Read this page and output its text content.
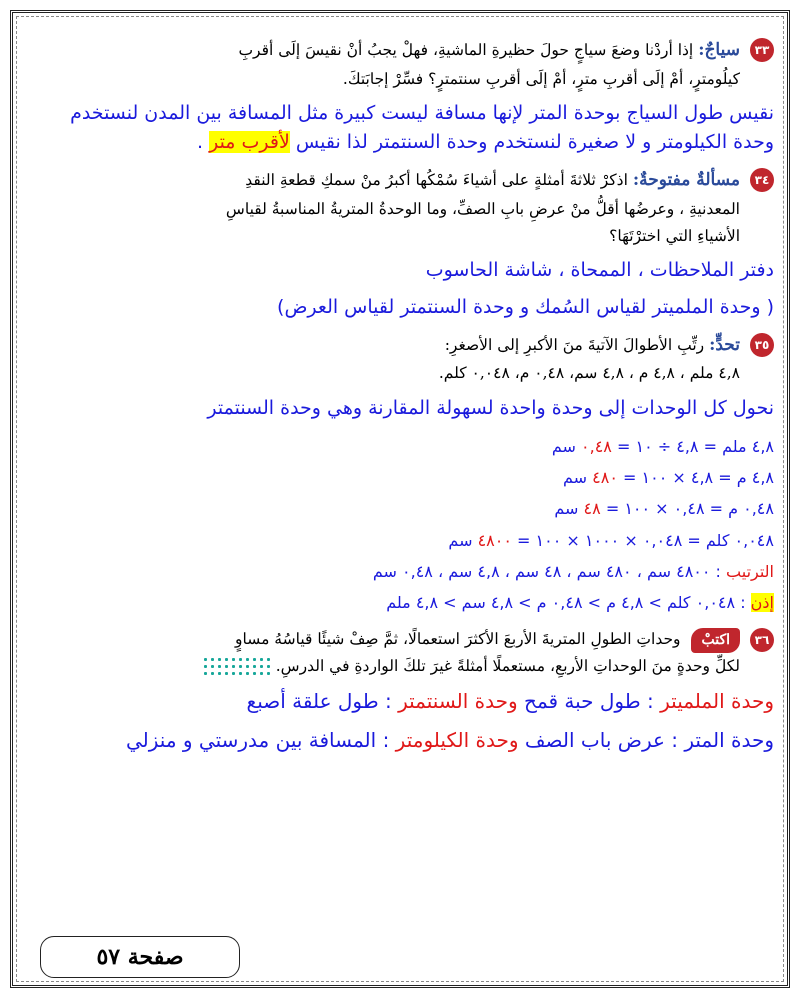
٣٣
سياجٌ: إذا أردْنا وضعَ سياجٍ حولَ حظيرةِ الماشيةِ، فهلْ يجبُ أنْ نقيسَ إلَى أقربِ
كيلُومترٍ، أمْ إلَى أقربِ مترٍ، أمْ إلَى أقربِ سنتمترٍ؟ فسِّرْ إجابَتكَ.
نقيس طول السياج بوحدة المتر لإنها مسافة ليست كبيرة مثل المسافة بين المدن لنستخدم وحدة الكيلومتر و لا صغيرة لنستخدم وحدة السنتمتر لذا نقيس لأقرب متر .
٣٤
مسألةٌ مفتوحةٌ: اذكرْ ثلاثةَ أمثلةٍ على أشياءَ سُمْكُها أكبرُ منْ سمكِ قطعةِ النقدِ
المعدنيةِ ، وعرضُها أقلُّ منْ عرضِ بابِ الصفِّ، وما الوحدةُ المتريةُ المناسبةُ لقياسِ
الأشياءِ التي اخترْتَهَا؟
دفتر الملاحظات ، الممحاة ، شاشة الحاسوب
( وحدة الملميتر لقياس السُمك و وحدة السنتمتر لقياس العرض)
٣٥
تحدٍّ: رتِّبِ الأطوالَ الآتيةَ منَ الأكبرِ إلى الأصغرِ:
٤,٨ ملم ، ٤,٨ م ، ٤,٨ سم، ٠,٤٨ م، ٠,٠٤٨ كلم.
نحول كل الوحدات إلى وحدة واحدة لسهولة المقارنة وهي وحدة السنتمتر
٤,٨ ملم = ٤,٨ ÷ ١٠ = ٠,٤٨ سم
٤,٨ م = ٤,٨ × ١٠٠ = ٤٨٠ سم
٠,٤٨ م = ٠,٤٨ × ١٠٠ = ٤٨ سم
٠,٠٤٨ كلم = ٠,٠٤٨ × ١٠٠٠ × ١٠٠ = ٤٨٠٠ سم
الترتيب : ٤٨٠٠ سم ، ٤٨٠ سم ، ٤٨ سم ، ٤,٨ سم ، ٠,٤٨ سم
إذن : ٠,٠٤٨ كلم > ٤,٨ م > ٠,٤٨ م > ٤,٨ سم > ٤,٨ ملم
٣٦
اكتبْ وحداتِ الطولِ المتريةَ الأربعَ الأكثرَ استعمالًا، ثمَّ صِفْ شيئًا قياسُهُ مساوٍ
لكلِّ وحدةٍ منَ الوحداتِ الأربعِ، مستعملًا أمثلةً غيرَ تلكَ الواردةِ في الدرسِ.
وحدة الملميتر : طول حبة قمح وحدة السنتمتر : طول علقة أصبع
وحدة المتر : عرض باب الصف وحدة الكيلومتر : المسافة بين مدرستي و منزلي
صفحة ٥٧
